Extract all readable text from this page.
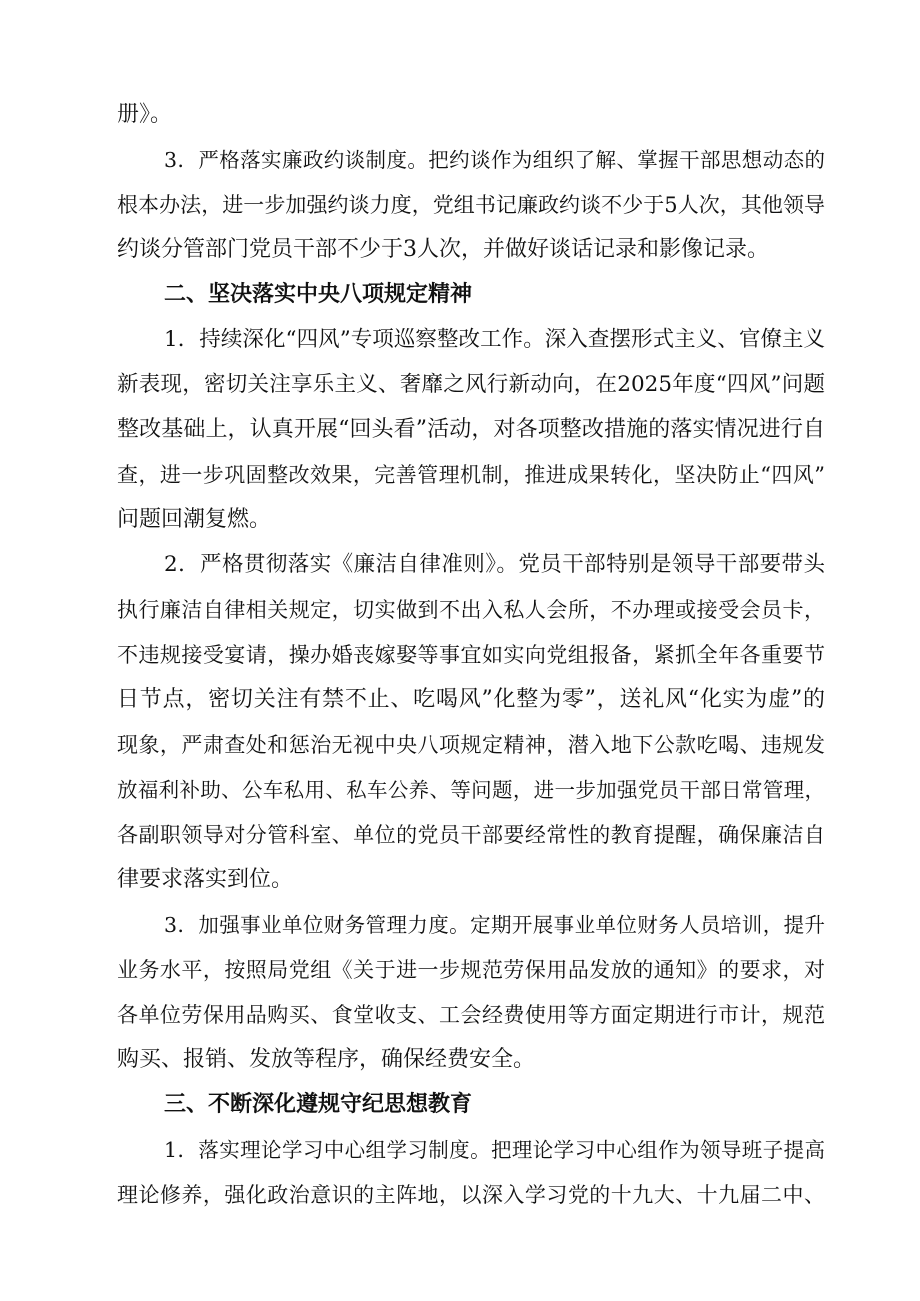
册》。
3．严格落实廉政约谈制度。把约谈作为组织了解、掌握干部思想动态的
根本办法，进一步加强约谈力度，党组书记廉政约谈不少于5人次，其他领导
约谈分管部门党员干部不少于3人次，并做好谈话记录和影像记录。
二、坚决落实中央八项规定精神
1．持续深化“四风”专项巡察整改工作。深入查摆形式主义、官僚主义
新表现，密切关注享乐主义、奢靡之风行新动向，在2025年度“四风”问题
整改基础上，认真开展“回头看”活动，对各项整改措施的落实情况进行自
查，进一步巩固整改效果，完善管理机制，推进成果转化，坚决防止“四风”
问题回潮复燃。
2．严格贯彻落实《廉洁自律准则》。党员干部特别是领导干部要带头
执行廉洁自律相关规定，切实做到不出入私人会所，不办理或接受会员卡，
不违规接受宴请，操办婚丧嫁娶等事宜如实向党组报备，紧抓全年各重要节
日节点，密切关注有禁不止、吃喝风”化整为零”，送礼风“化实为虚”的
现象，严肃查处和惩治无视中央八项规定精神，潜入地下公款吃喝、违规发
放福利补助、公车私用、私车公养、等问题，进一步加强党员干部日常管理，
各副职领导对分管科室、单位的党员干部要经常性的教育提醒，确保廉洁自
律要求落实到位。
3．加强事业单位财务管理力度。定期开展事业单位财务人员培训，提升
业务水平，按照局党组《关于进一步规范劳保用品发放的通知》的要求，对
各单位劳保用品购买、食堂收支、工会经费使用等方面定期进行市计，规范
购买、报销、发放等程序，确保经费安全。
三、不断深化遵规守纪思想教育
1．落实理论学习中心组学习制度。把理论学习中心组作为领导班子提高
理论修养，强化政治意识的主阵地，以深入学习党的十九大、十九届二中、
